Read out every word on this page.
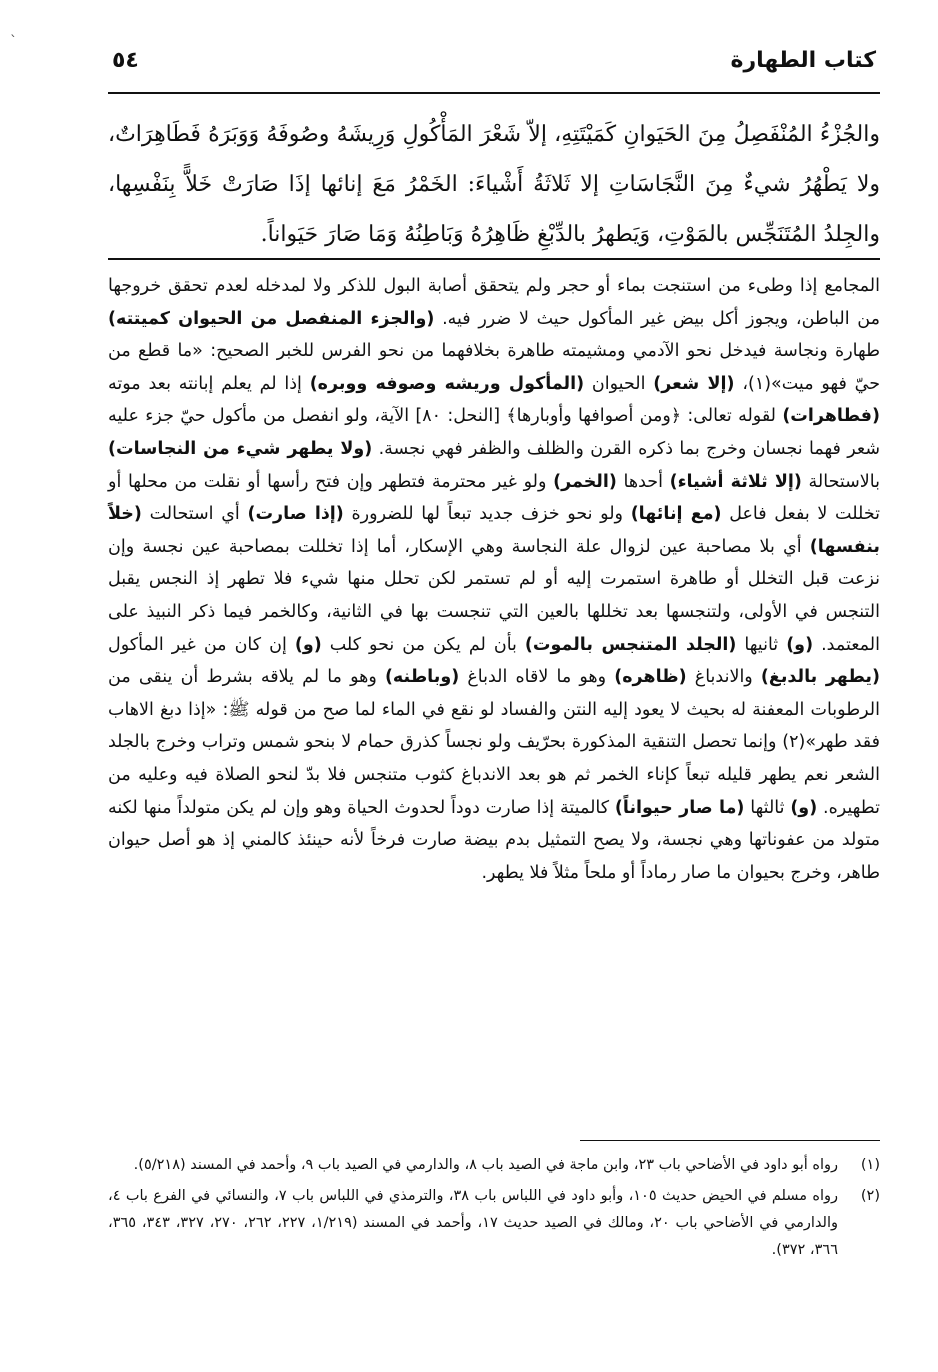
`
كتاب الطهارة
٥٤

والجُزْءُ المُنْفَصِلُ مِنَ الحَيَوانِ كَمَيْتَتِهِ، إلاّ شَعْرَ المَأْكُولِ وَرِيشَهُ وصُوفَهُ وَوَبَرَهُ فَطَاهِرَاتٌ، ولا يَطْهُرُ شيءٌ مِنَ النَّجَاسَاتِ إلا ثَلاثَةُ أَشْياءَ: الخَمْرُ مَعَ إنائها إذَا صَارَتْ خَلاًّ بِنَفْسِها، والجِلدُ المُتَنَجِّس بالمَوْتِ، وَيَطهرُ بالدِّبْغِ ظَاهِرُهُ وَبَاطِنُهُ وَمَا صَارَ حَيَواناً.

المجامع إذا وطىء من استنجت بماء أو حجر ولم يتحقق أصابة البول للذكر ولا لمدخله لعدم تحقق خروجها من الباطن، ويجوز أكل بيض غير المأكول حيث لا ضرر فيه. (والجزء المنفصل من الحيوان كميتته) طهارة ونجاسة فيدخل نحو الآدمي ومشيمته طاهرة بخلافهما من نحو الفرس للخبر الصحيح: «ما قطع من حيّ فهو ميت»(١)، (إلا شعر) الحيوان (المأكول وريشه وصوفه ووبره) إذا لم يعلم إبانته بعد موته (فطاهرات) لقوله تعالى: ﴿ومن أصوافها وأوبارها﴾ [النحل: ٨٠] الآية، ولو انفصل من مأكول حيّ جزء عليه شعر فهما نجسان وخرج بما ذكره القرن والظلف والظفر فهي نجسة. (ولا يطهر شيء من النجاسات) بالاستحالة (إلا ثلاثة أشياء) أحدها (الخمر) ولو غير محترمة فتطهر وإن فتح رأسها أو نقلت من محلها أو تخللت لا بفعل فاعل (مع إنائها) ولو نحو خزف جديد تبعاً لها للضرورة (إذا صارت) أي استحالت (خلاً بنفسها) أي بلا مصاحبة عين لزوال علة النجاسة وهي الإسكار، أما إذا تخللت بمصاحبة عين نجسة وإن نزعت قبل التخلل أو طاهرة استمرت إليه أو لم تستمر لكن تحلل منها شيء فلا تطهر إذ النجس يقبل التنجس في الأولى، ولتنجسها بعد تخللها بالعين التي تنجست بها في الثانية، وكالخمر فيما ذكر النبيذ على المعتمد. (و) ثانيها (الجلد المتنجس بالموت) بأن لم يكن من نحو كلب (و) إن كان من غير المأكول (يطهر بالدبغ) والاندباغ (ظاهره) وهو ما لاقاه الدباغ (وباطنه) وهو ما لم يلاقه بشرط أن ينقى من الرطوبات المعفنة له بحيث لا يعود إليه النتن والفساد لو نقع في الماء لما صح من قوله ﷺ: «إذا دبغ الاهاب فقد طهر»(٢) وإنما تحصل التنقية المذكورة بحرّيف ولو نجساً كذرق حمام لا بنحو شمس وتراب وخرج بالجلد الشعر نعم يطهر قليله تبعاً كإناء الخمر ثم هو بعد الاندباغ كثوب متنجس فلا بدّ لنحو الصلاة فيه وعليه من تطهيره. (و) ثالثها (ما صار حيواناً) كالميتة إذا صارت دوداً لحدوث الحياة وهو وإن لم يكن متولداً منها لكنه متولد من عفوناتها وهي نجسة، ولا يصح التمثيل بدم بيضة صارت فرخاً لأنه حينئذ كالمني إذ هو أصل حيوان طاهر، وخرج بحيوان ما صار رماداً أو ملحاً مثلاً فلا يطهر.

(١)
رواه أبو داود في الأضاحي باب ٢٣، وابن ماجة في الصيد باب ٨، والدارمي في الصيد باب ٩، وأحمد في المسند (٥/٢١٨).
(٢)
رواه مسلم في الحيض حديث ١٠٥، وأبو داود في اللباس باب ٣٨، والترمذي في اللباس باب ٧، والنسائي في الفرع باب ٤، والدارمي في الأضاحي باب ٢٠، ومالك في الصيد حديث ١٧، وأحمد في المسند (١/٢١٩، ٢٢٧، ٢٦٢، ٢٧٠، ٣٢٧، ٣٤٣، ٣٦٥، ٣٦٦، ٣٧٢).
